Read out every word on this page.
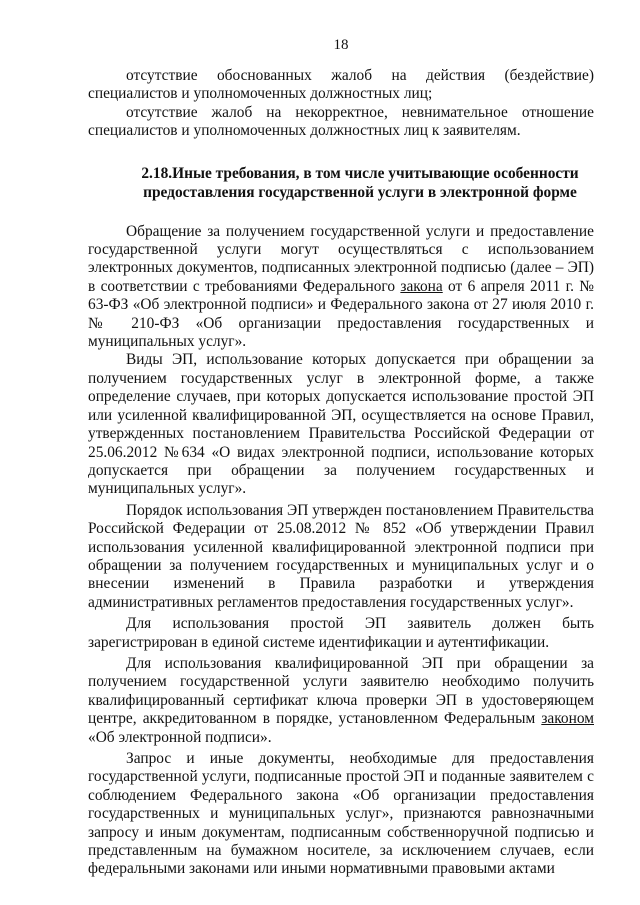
18

отсутствие обоснованных жалоб на действия (бездействие) специалистов и уполномоченных должностных лиц;

отсутствие жалоб на некорректное, невнимательное отношение специалистов и уполномоченных должностных лиц к заявителям.

2.18.Иные требования, в том числе учитывающие особенности
предоставления государственной услуги в электронной форме

Обращение за получением государственной услуги и предоставление государственной услуги могут осуществляться с использованием электронных документов, подписанных электронной подписью (далее – ЭП) в соответствии с требованиями Федерального закона от 6 апреля 2011 г. № 63-ФЗ «Об электронной подписи» и Федерального закона от 27 июля 2010 г. № 210-ФЗ «Об организации предоставления государственных и муниципальных услуг».

Виды ЭП, использование которых допускается при обращении за получением государственных услуг в электронной форме, а также определение случаев, при которых допускается использование простой ЭП или усиленной квалифицированной ЭП, осуществляется на основе Правил, утвержденных постановлением Правительства Российской Федерации от 25.06.2012 №634 «О видах электронной подписи, использование которых допускается при обращении за получением государственных и муниципальных услуг».

Порядок использования ЭП утвержден постановлением Правительства Российской Федерации от 25.08.2012 № 852 «Об утверждении Правил использования усиленной квалифицированной электронной подписи при обращении за получением государственных и муниципальных услуг и о внесении изменений в Правила разработки и утверждения административных регламентов предоставления государственных услуг».

Для использования простой ЭП заявитель должен быть зарегистрирован в единой системе идентификации и аутентификации.

Для использования квалифицированной ЭП при обращении за получением государственной услуги заявителю необходимо получить квалифицированный сертификат ключа проверки ЭП в удостоверяющем центре, аккредитованном в порядке, установленном Федеральным законом «Об электронной подписи».

Запрос и иные документы, необходимые для предоставления государственной услуги, подписанные простой ЭП и поданные заявителем с соблюдением Федерального закона «Об организации предоставления государственных и муниципальных услуг», признаются равнозначными запросу и иным документам, подписанным собственноручной подписью и представленным на бумажном носителе, за исключением случаев, если федеральными законами или иными нормативными правовыми актами
